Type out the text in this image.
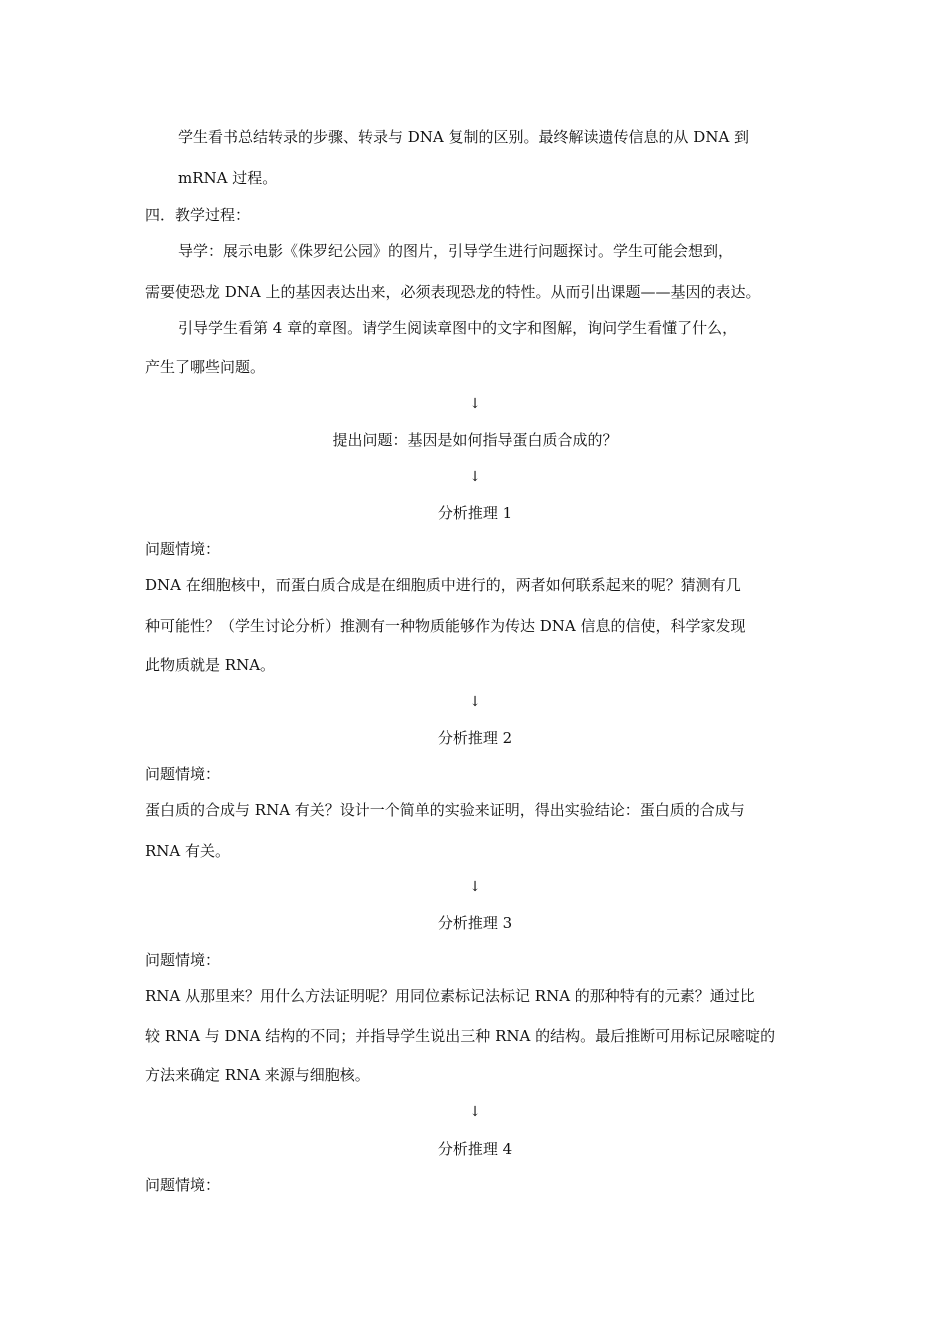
学生看书总结转录的步骤、转录与 DNA 复制的区别。最终解读遗传信息的从 DNA 到
mRNA 过程。
四．教学过程：
导学：展示电影《侏罗纪公园》的图片，引导学生进行问题探讨。学生可能会想到，
需要使恐龙 DNA 上的基因表达出来，必须表现恐龙的特性。从而引出课题——基因的表达。
引导学生看第 4 章的章图。请学生阅读章图中的文字和图解，询问学生看懂了什么，
产生了哪些问题。
↓
提出问题：基因是如何指导蛋白质合成的？
↓
分析推理 1
问题情境：
DNA 在细胞核中，而蛋白质合成是在细胞质中进行的，两者如何联系起来的呢？猜测有几
种可能性？（学生讨论分析）推测有一种物质能够作为传达 DNA 信息的信使，科学家发现
此物质就是 RNA。
↓
分析推理 2
问题情境：
蛋白质的合成与 RNA 有关？设计一个简单的实验来证明，得出实验结论：蛋白质的合成与
RNA 有关。
↓
分析推理 3
问题情境：
RNA 从那里来？用什么方法证明呢？用同位素标记法标记 RNA 的那种特有的元素？通过比
较 RNA 与 DNA 结构的不同；并指导学生说出三种 RNA 的结构。最后推断可用标记尿嘧啶的
方法来确定 RNA 来源与细胞核。
↓
分析推理 4
问题情境：
